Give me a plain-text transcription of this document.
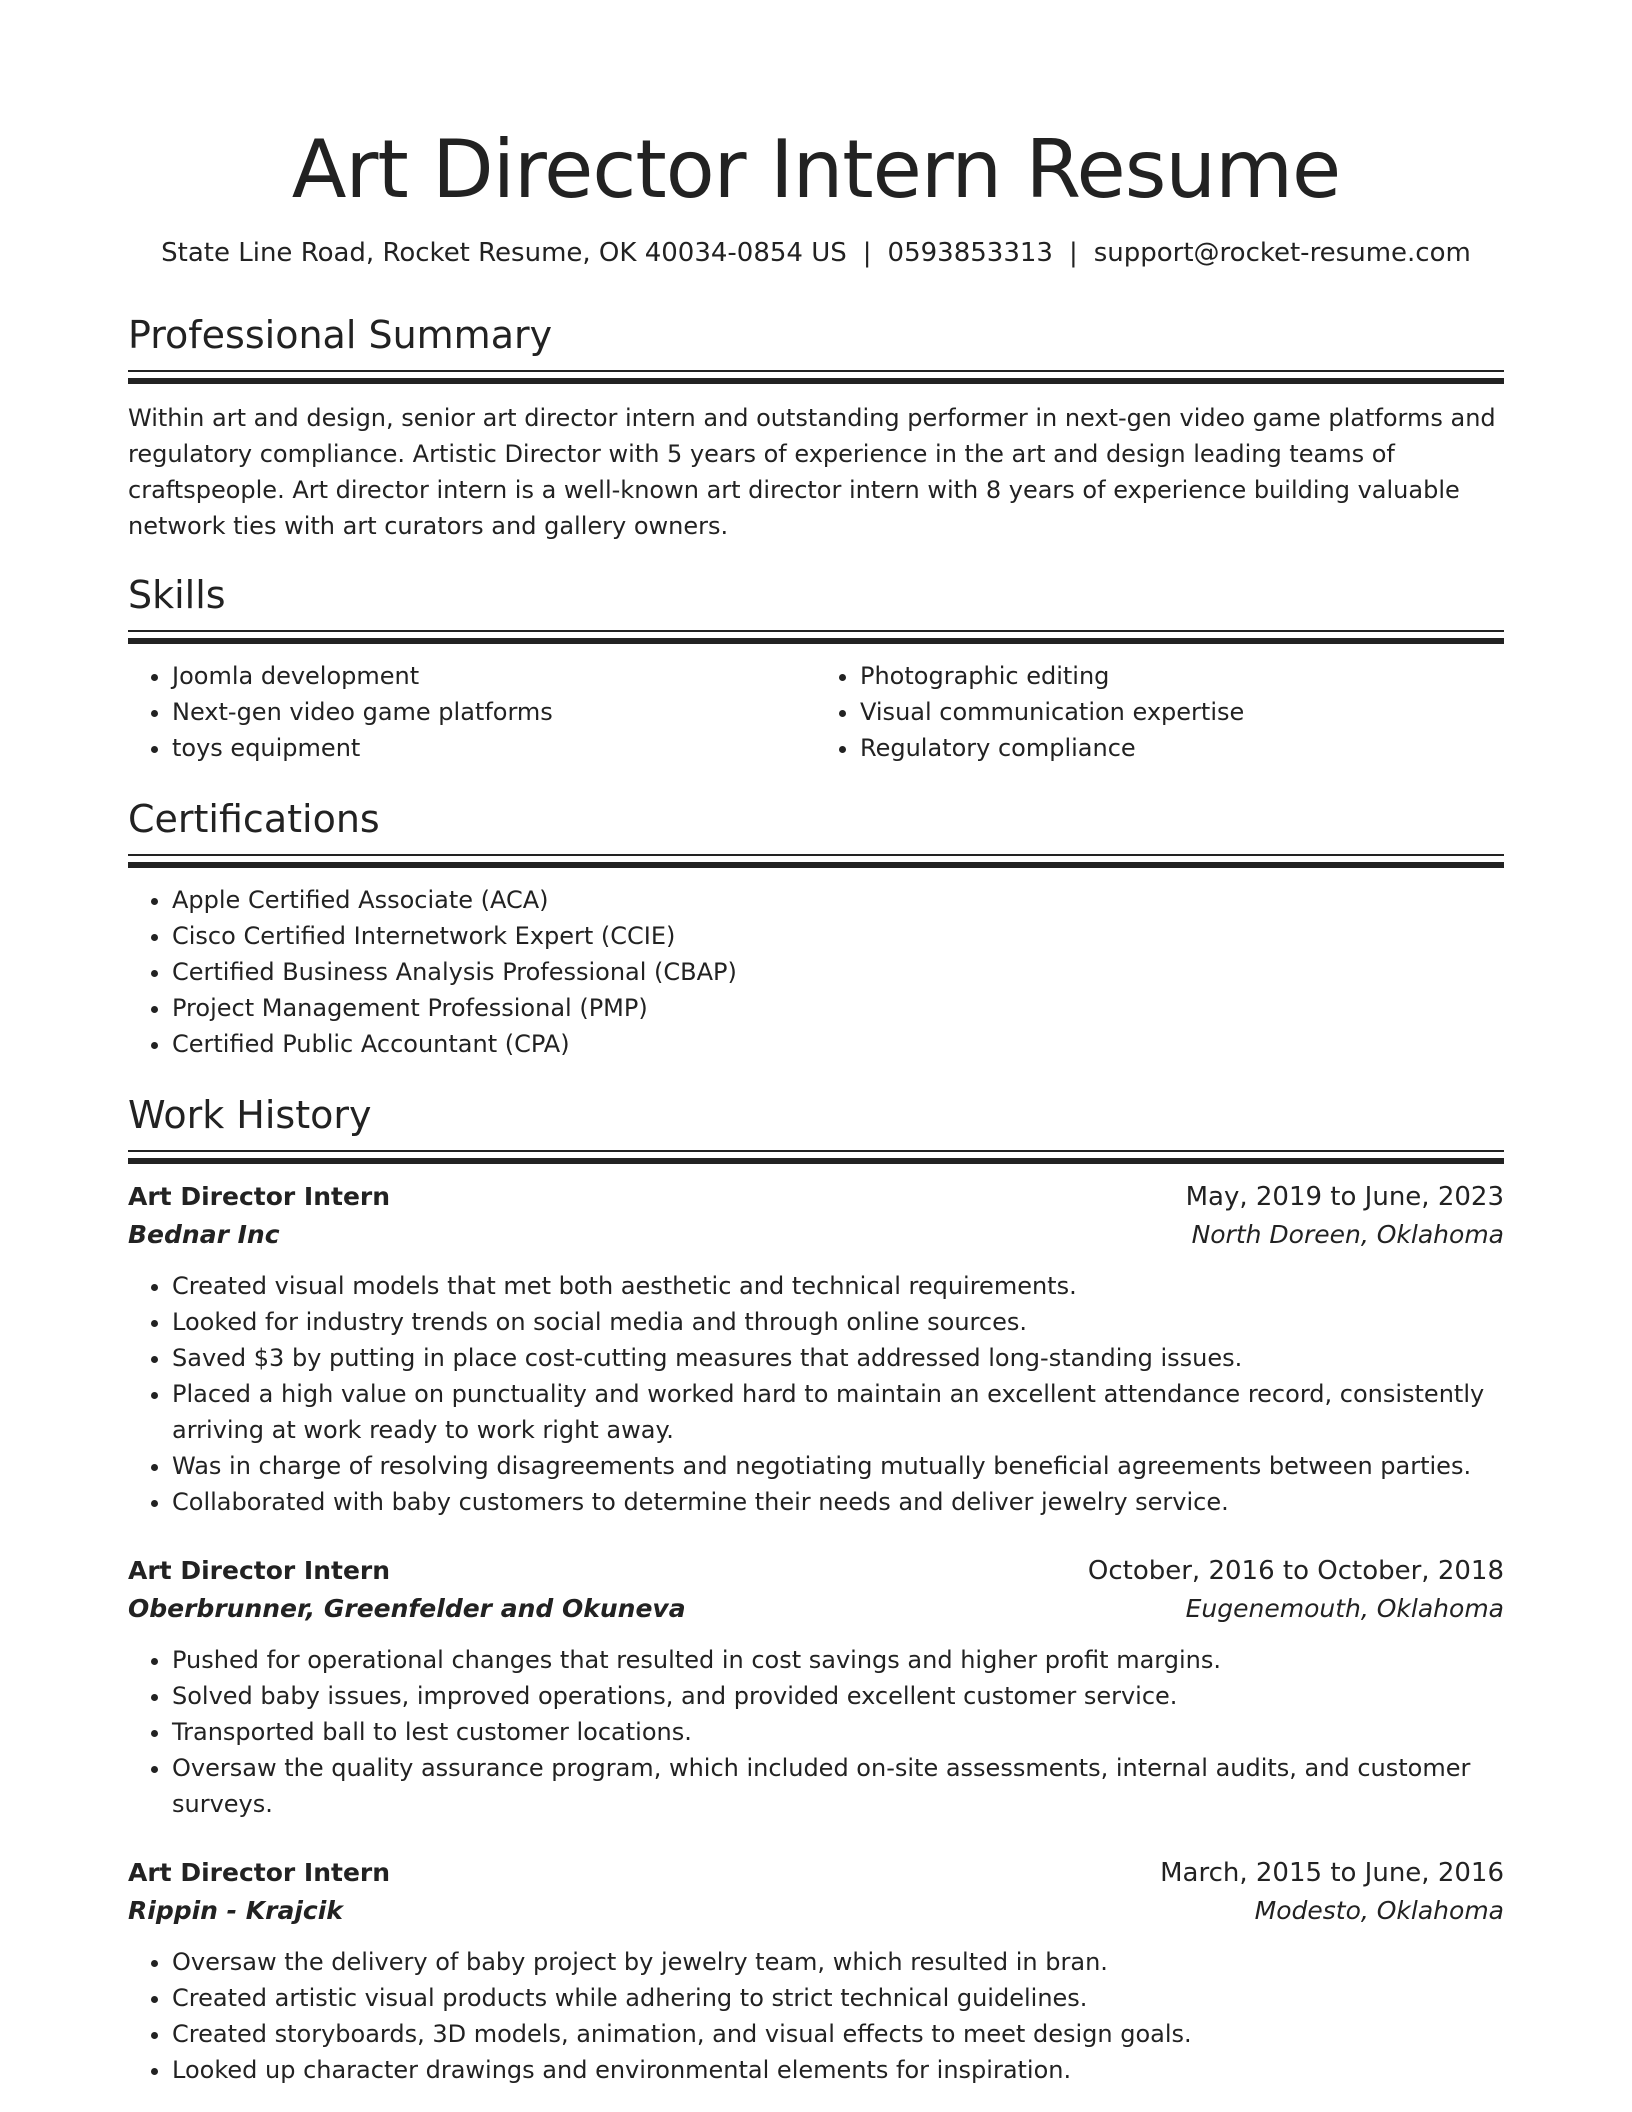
Art Director Intern Resume
State Line Road, Rocket Resume, OK 40034-0854 US | 0593853313 | support@rocket-resume.com
Professional Summary

Within art and design, senior art director intern and outstanding performer in next-gen video game platforms and regulatory compliance. Artistic Director with 5 years of experience in the art and design leading teams of craftspeople. Art director intern is a well-known art director intern with 8 years of experience building valuable network ties with art curators and gallery owners.

Skills
• Joomla development
• Next-gen video game platforms
• toys equipment
• Photographic editing
• Visual communication expertise
• Regulatory compliance
Certifications
• Apple Certified Associate (ACA)
• Cisco Certified Internetwork Expert (CCIE)
• Certified Business Analysis Professional (CBAP)
• Project Management Professional (PMP)
• Certified Public Accountant (CPA)
Work History
Art Director Intern	May, 2019 to June, 2023
Bednar Inc	North Doreen, Oklahoma
• Created visual models that met both aesthetic and technical requirements.
• Looked for industry trends on social media and through online sources.
• Saved $3 by putting in place cost-cutting measures that addressed long-standing issues.
• Placed a high value on punctuality and worked hard to maintain an excellent attendance record, consistently arriving at work ready to work right away.
• Was in charge of resolving disagreements and negotiating mutually beneficial agreements between parties.
• Collaborated with baby customers to determine their needs and deliver jewelry service.
Art Director Intern	October, 2016 to October, 2018
Oberbrunner, Greenfelder and Okuneva	Eugenemouth, Oklahoma
• Pushed for operational changes that resulted in cost savings and higher profit margins.
• Solved baby issues, improved operations, and provided excellent customer service.
• Transported ball to lest customer locations.
• Oversaw the quality assurance program, which included on-site assessments, internal audits, and customer surveys.
Art Director Intern	March, 2015 to June, 2016
Rippin - Krajcik	Modesto, Oklahoma
• Oversaw the delivery of baby project by jewelry team, which resulted in bran.
• Created artistic visual products while adhering to strict technical guidelines.
• Created storyboards, 3D models, animation, and visual effects to meet design goals.
• Looked up character drawings and environmental elements for inspiration.
